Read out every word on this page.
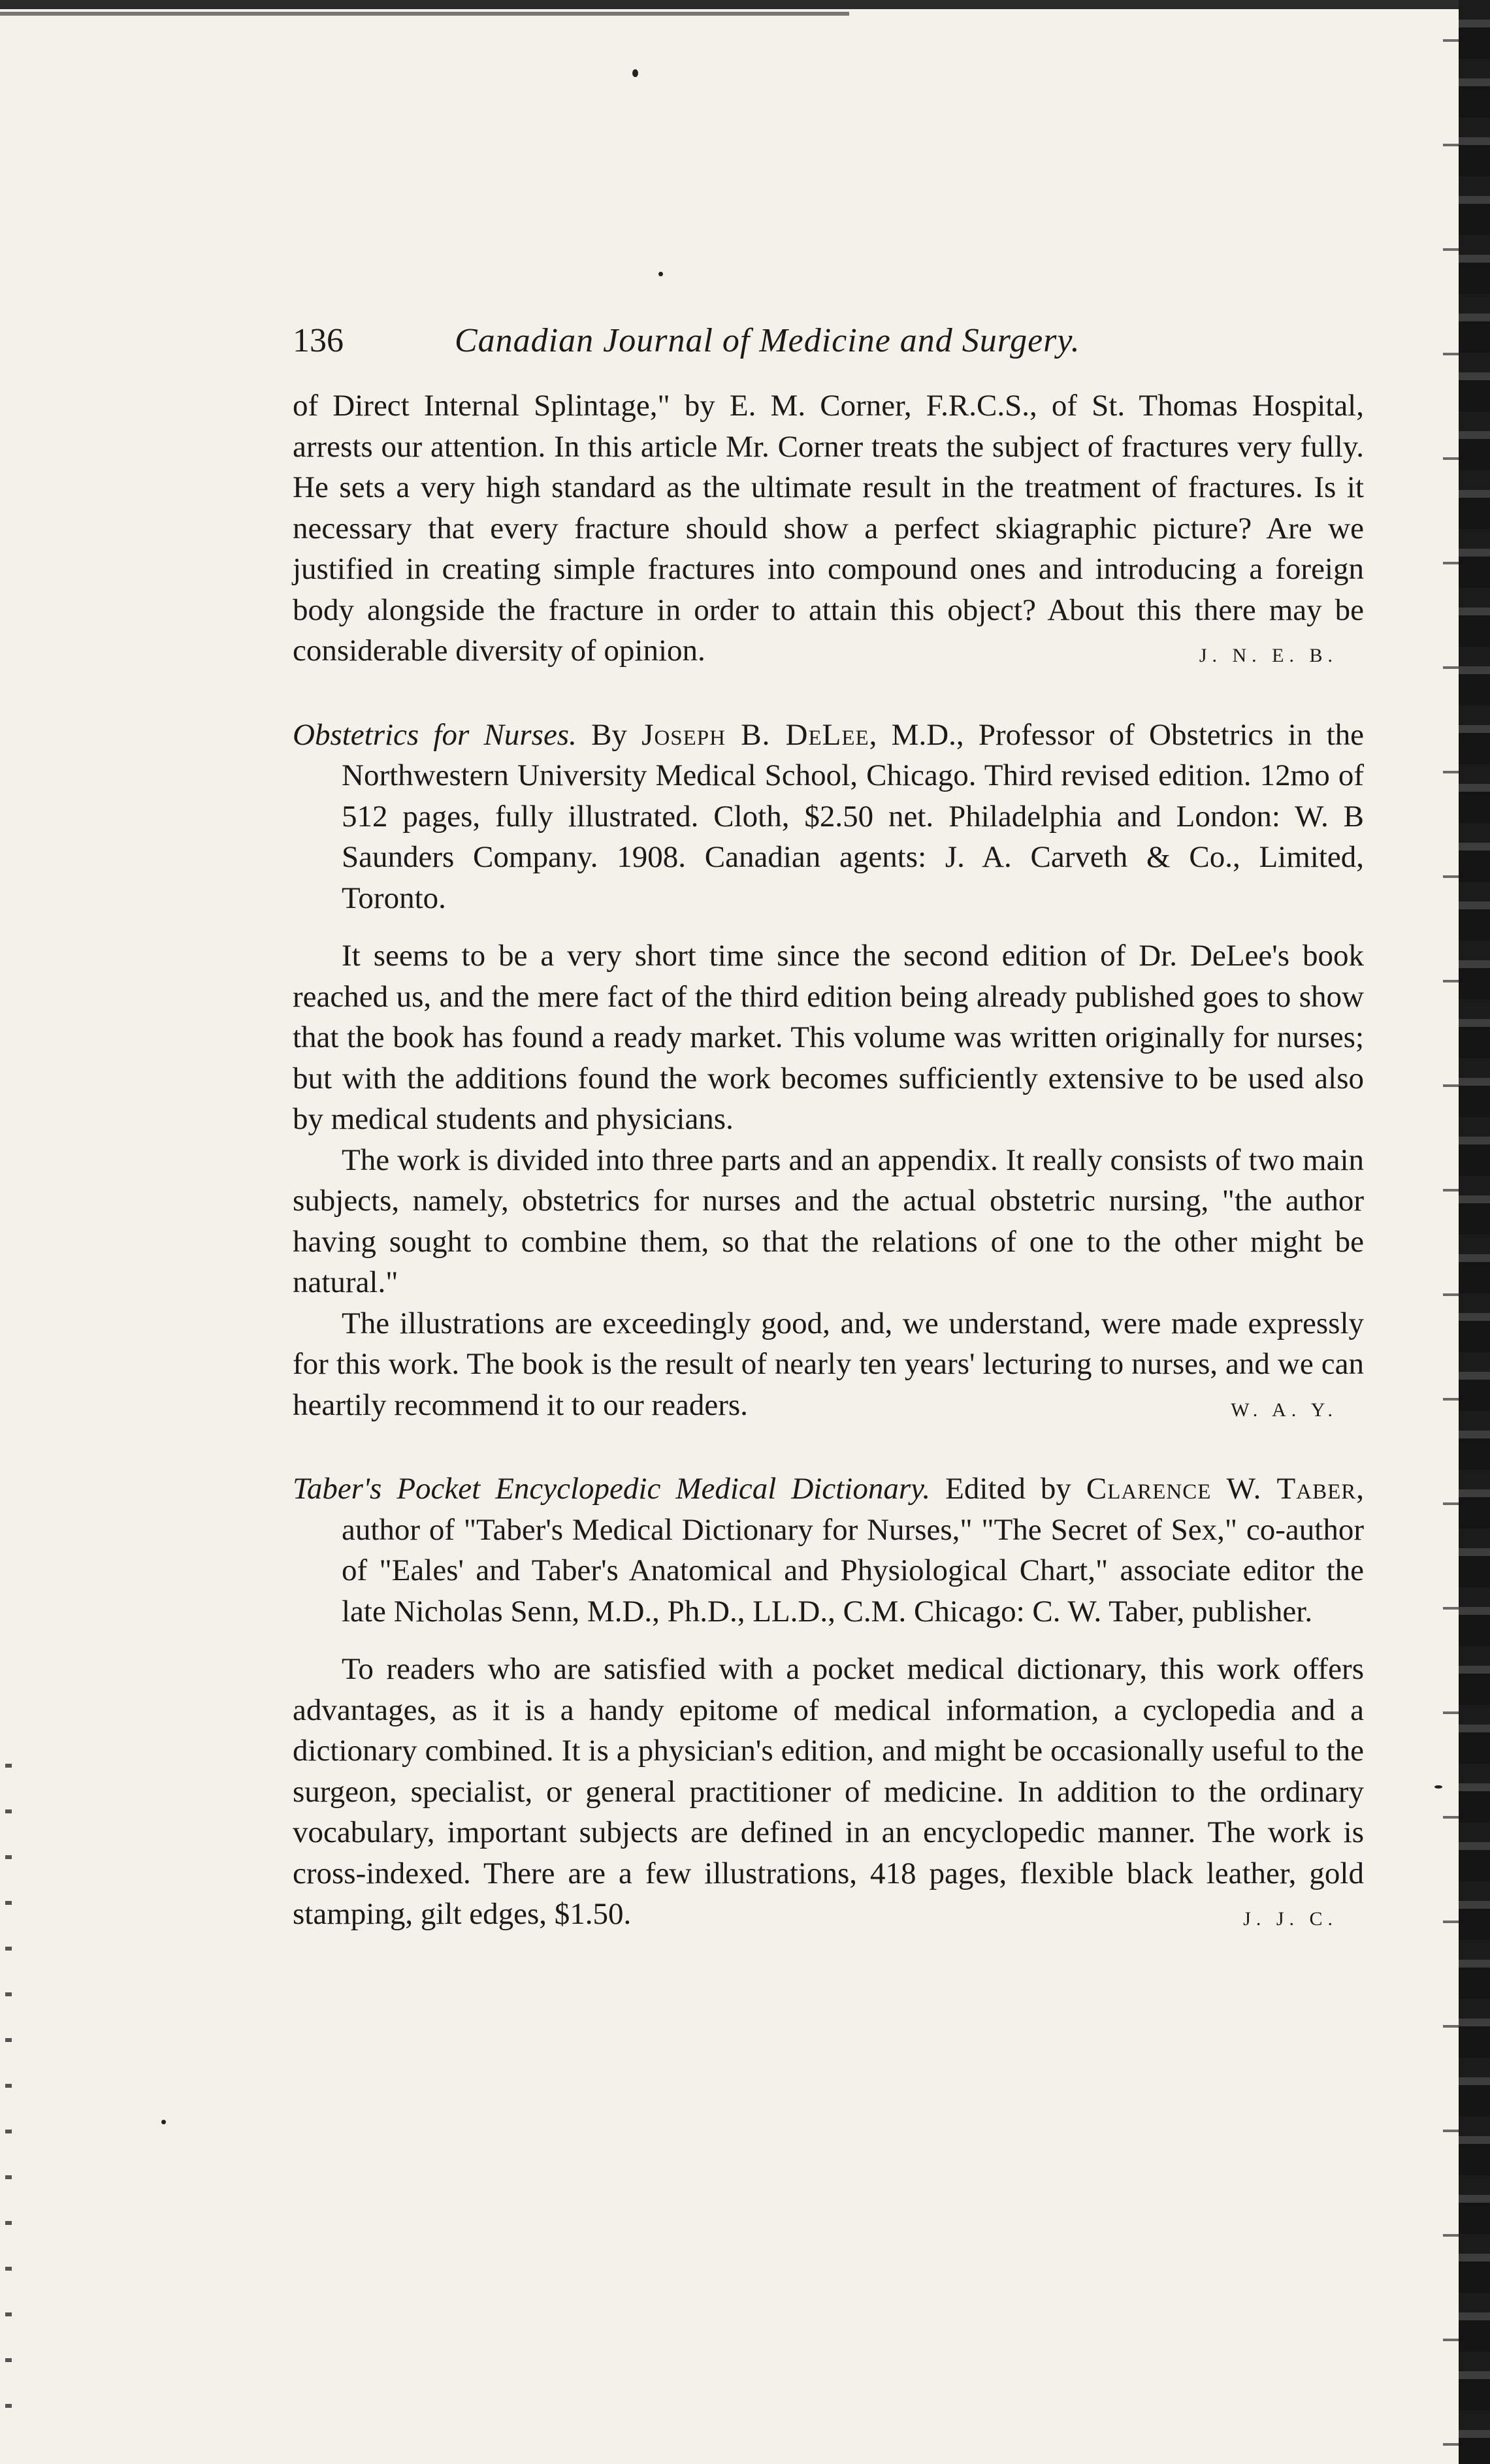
136	Canadian Journal of Medicine and Surgery.

of Direct Internal Splintage," by E. M. Corner, F.R.C.S., of St. Thomas Hospital, arrests our attention. In this article Mr. Corner treats the subject of fractures very fully. He sets a very high standard as the ultimate result in the treatment of fractures. Is it necessary that every fracture should show a perfect skiagraphic picture? Are we justified in creating simple fractures into compound ones and introducing a foreign body alongside the fracture in order to attain this object? About this there may be considerable diversity of opinion.	J. N. E. B.

Obstetrics for Nurses. By Joseph B. DeLee, M.D., Professor of Obstetrics in the Northwestern University Medical School, Chicago. Third revised edition. 12mo of 512 pages, fully illustrated. Cloth, $2.50 net. Philadelphia and London: W. B Saunders Company. 1908. Canadian agents: J. A. Carveth & Co., Limited, Toronto.

It seems to be a very short time since the second edition of Dr. DeLee's book reached us, and the mere fact of the third edition being already published goes to show that the book has found a ready market. This volume was written originally for nurses; but with the additions found the work becomes sufficiently extensive to be used also by medical students and physicians.

The work is divided into three parts and an appendix. It really consists of two main subjects, namely, obstetrics for nurses and the actual obstetric nursing, "the author having sought to combine them, so that the relations of one to the other might be natural."

The illustrations are exceedingly good, and, we understand, were made expressly for this work. The book is the result of nearly ten years' lecturing to nurses, and we can heartily recommend it to our readers.	W. A. Y.

Taber's Pocket Encyclopedic Medical Dictionary. Edited by Clarence W. Taber, author of "Taber's Medical Dictionary for Nurses," "The Secret of Sex," co-author of "Eales' and Taber's Anatomical and Physiological Chart," associate editor the late Nicholas Senn, M.D., Ph.D., LL.D., C.M. Chicago: C. W. Taber, publisher.

To readers who are satisfied with a pocket medical dictionary, this work offers advantages, as it is a handy epitome of medical information, a cyclopedia and a dictionary combined. It is a physician's edition, and might be occasionally useful to the surgeon, specialist, or general practitioner of medicine. In addition to the ordinary vocabulary, important subjects are defined in an encyclopedic manner. The work is cross-indexed. There are a few illustrations, 418 pages, flexible black leather, gold stamping, gilt edges, $1.50.	J. J. C.
